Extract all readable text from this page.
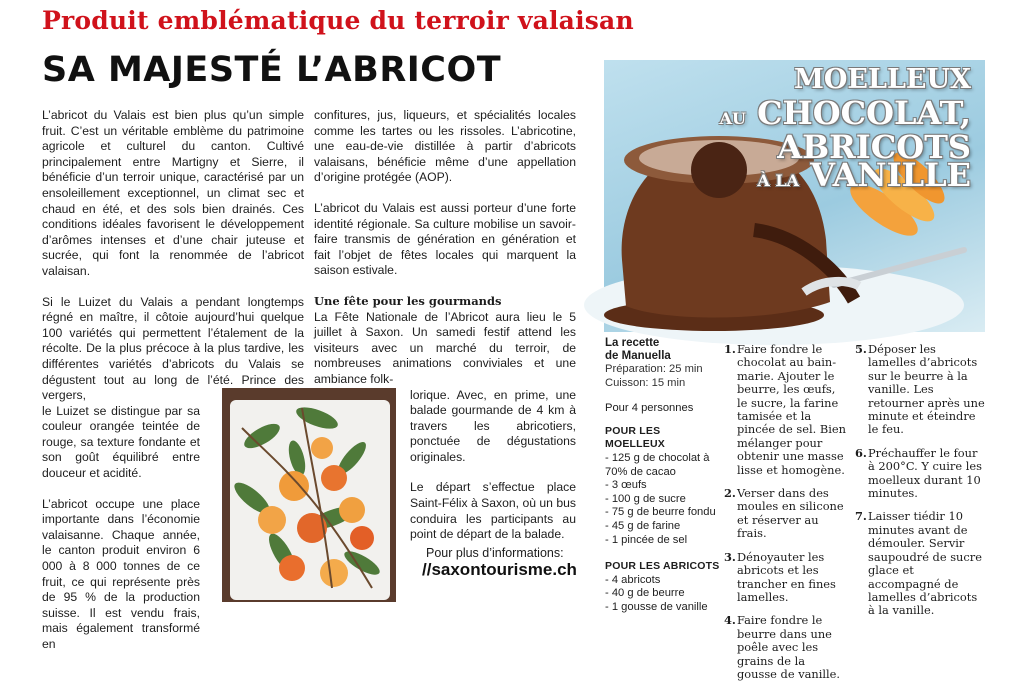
Produit emblématique du terroir valaisan
SA MAJESTÉ L’ABRICOT

L’abricot du Valais est bien plus qu’un simple fruit. C’est un véritable emblème du patrimoine agricole et culturel du canton. Cultivé principalement entre Martigny et Sierre, il bénéficie d’un terroir unique, caractérisé par un ensoleillement exceptionnel, un climat sec et chaud en été, et des sols bien drainés. Ces conditions idéales favorisent le développement d’arômes intenses et d’une chair juteuse et sucrée, qui font la renommée de l’abricot valaisan.

Si le Luizet du Valais a pendant longtemps régné en maître, il côtoie aujourd’hui quelque 100 variétés qui permettent l’étalement de la récolte. De la plus précoce à la plus tardive, les différentes variétés d’abricots du Valais se dégustent tout au long de l’été. Prince des vergers,

le Luizet se distingue par sa couleur orangée teintée de rouge, sa texture fondante et son goût équilibré entre douceur et acidité.

L’abricot occupe une place importante dans l’économie valaisanne. Chaque année, le canton produit environ 6 000 à 8 000 tonnes de ce fruit, ce qui représente près de 95 % de la production suisse. Il est vendu frais, mais également transformé en

confitures, jus, liqueurs, et spécialités locales comme les tartes ou les rissoles. L’abricotine, une eau-de-vie distillée à partir d’abricots valaisans, bénéficie même d’une appellation d’origine protégée (AOP).

L’abricot du Valais est aussi porteur d’une forte identité régionale. Sa culture mobilise un savoir-faire transmis de génération en génération et fait l’objet de fêtes locales qui marquent la saison estivale.

Une fête pour les gourmands

La Fête Nationale de l’Abricot aura lieu le 5 juillet à Saxon. Un samedi festif attend les visiteurs avec un marché du terroir, de nombreuses animations conviviales et une ambiance folk-

lorique. Avec, en prime, une balade gourmande de 4 km à travers les abricotiers, ponctuée de dégustations originales.

Le départ s’effectue place Saint-Félix à Saxon, où un bus conduira les participants au point de départ de la balade.

Pour plus d’informations:
//saxontourisme.ch
MOELLEUX
AU CHOCOLAT,
ABRICOTS
À LA VANILLE
La recette
de Manuella
Préparation: 25 min
Cuisson: 15 min
Pour 4 personnes
POUR LES MOELLEUX
- 125 g de chocolat à 70% de cacao
- 3 œufs
- 100 g de sucre
- 75 g de beurre fondu
- 45 g de farine
- 1 pincée de sel
POUR LES ABRICOTS
- 4 abricots
- 40 g de beurre
- 1 gousse de vanille
1. Faire fondre le chocolat au bain-marie. Ajouter le beurre, les œufs, le sucre, la farine tamisée et la pincée de sel. Bien mélanger pour obtenir une masse lisse et homogène.
2. Verser dans des moules en silicone et réserver au frais.
3. Dénoyauter les abricots et les trancher en fines lamelles.
4. Faire fondre le beurre dans une poêle avec les grains de la gousse de vanille.
5. Déposer les lamelles d’abricots sur le beurre à la vanille. Les retourner après une minute et éteindre le feu.
6. Préchauffer le four à 200°C. Y cuire les moelleux durant 10 minutes.
7. Laisser tiédir 10 minutes avant de démouler. Servir saupoudré de sucre glace et accompagné de lamelles d’abricots à la vanille.
